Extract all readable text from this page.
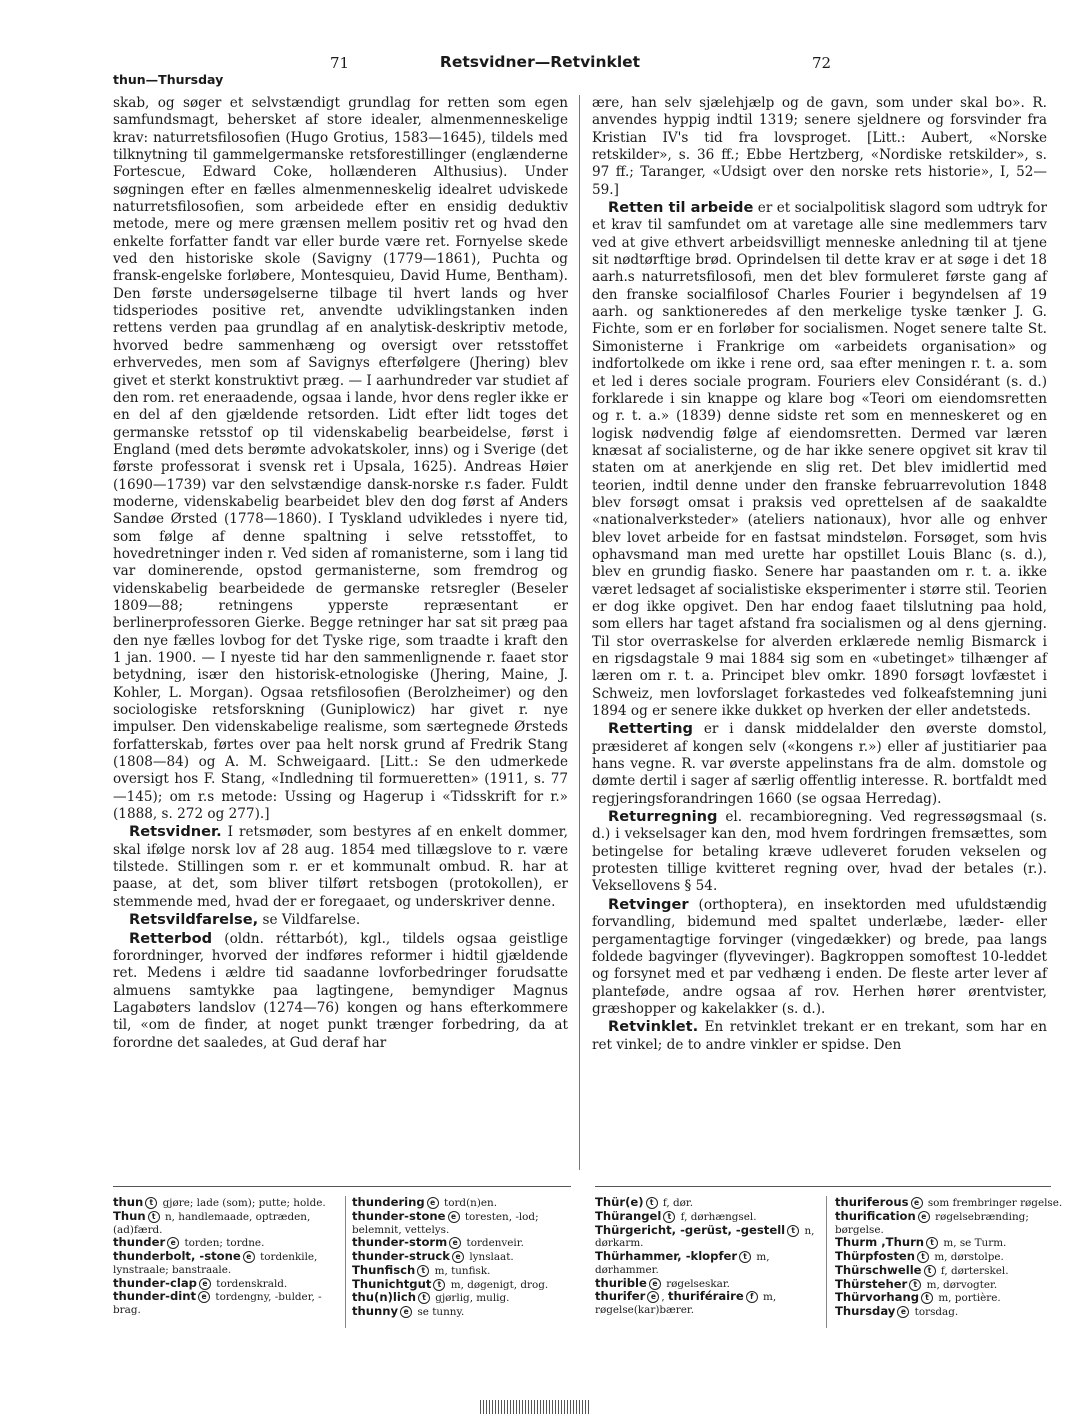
71	Retsvidner—Retvinklet	72
thun—Thursday

skab, og søger et selvstændigt grundlag for retten som egen samfundsmagt, behersket af store idealer, almenmenneskelige krav: naturretsfilosofien (Hugo Grotius, 1583—1645), tildels med tilknytning til gammelgermanske retsforestillinger (englænderne Fortescue, Edward Coke, hollænderen Althusius). Under søgningen efter en fælles almenmenneskelig idealret udviskede naturretsfilosofien, som arbeidede efter en ensidig deduktiv metode, mere og mere grænsen mellem positiv ret og hvad den enkelte forfatter fandt var eller burde være ret. Fornyelse skede ved den historiske skole (Savigny (1779—1861), Puchta og fransk-engelske forløbere, Montesquieu, David Hume, Bentham). Den første undersøgelserne tilbage til hvert lands og hver tidsperiodes positive ret, anvendte udviklingstanken inden rettens verden paa grundlag af en analytisk-deskriptiv metode, hvorved bedre sammenhæng og oversigt over retsstoffet erhvervedes, men som af Savignys efterfølgere (Jhering) blev givet et sterkt konstruktivt præg. — I aarhundreder var studiet af den rom. ret eneraadende, ogsaa i lande, hvor dens regler ikke er en del af den gjældende retsorden. Lidt efter lidt toges det germanske retsstof op til videnskabelig bearbeidelse, først i England (med dets berømte advokatskoler, inns) og i Sverige (det første professorat i svensk ret i Upsala, 1625). Andreas Høier (1690—1739) var den selvstændige dansk-norske r.s fader. Fuldt moderne, videnskabelig bearbeidet blev den dog først af Anders Sandøe Ørsted (1778—1860). I Tyskland udvikledes i nyere tid, som følge af denne spaltning i selve retsstoffet, to hovedretninger inden r. Ved siden af romanisterne, som i lang tid var dominerende, opstod germanisterne, som fremdrog og videnskabelig bearbeidede de germanske retsregler (Beseler 1809—88; retningens ypperste repræsentant er berlinerprofessoren Gierke. Begge retninger har sat sit præg paa den nye fælles lovbog for det Tyske rige, som traadte i kraft den 1 jan. 1900. — I nyeste tid har den sammenlignende r. faaet stor betydning, især den historisk-etnologiske (Jhering, Maine, J. Kohler, L. Morgan). Ogsaa retsfilosofien (Berolzheimer) og den sociologiske retsforskning (Guniplowicz) har givet r. nye impulser. Den videnskabelige realisme, som særtegnede Ørsteds forfatterskab, førtes over paa helt norsk grund af Fredrik Stang (1808—84) og A. M. Schweigaard. [Litt.: Se den udmerkede oversigt hos F. Stang, «Indledning til formueretten» (1911, s. 77—145); om r.s metode: Ussing og Hagerup i «Tidsskrift for r.» (1888, s. 272 og 277).]

Retsvidner. I retsmøder, som bestyres af en enkelt dommer, skal ifølge norsk lov af 28 aug. 1854 med tillægslove to r. være tilstede. Stillingen som r. er et kommunalt ombud. R. har at paase, at det, som bliver tilført retsbogen (protokollen), er stemmende med, hvad der er foregaaet, og underskriver denne.

Retsvildfarelse, se Vildfarelse.

Retterbod (oldn. réttarbót), kgl., tildels ogsaa geistlige forordninger, hvorved der indføres reformer i hidtil gjældende ret. Medens i ældre tid saadanne lovforbedringer forudsatte almuens samtykke paa lagtingene, bemyndiger Magnus Lagabøters landslov (1274—76) kongen og hans efterkommere til, «om de finder, at noget punkt trænger forbedring, da at forordne det saaledes, at Gud deraf har

ære, han selv sjælehjælp og de gavn, som under skal bo». R. anvendes hyppig indtil 1319; senere sjeldnere og forsvinder fra Kristian IV's tid fra lovsproget. [Litt.: Aubert, «Norske retskilder», s. 36 ff.; Ebbe Hertzberg, «Nordiske retskilder», s. 97 ff.; Taranger, «Udsigt over den norske rets historie», I, 52—59.]

Retten til arbeide er et socialpolitisk slagord som udtryk for et krav til samfundet om at varetage alle sine medlemmers tarv ved at give ethvert arbeidsvilligt menneske anledning til at tjene sit nødtørftige brød. Oprindelsen til dette krav er at søge i det 18 aarh.s naturretsfilosofi, men det blev formuleret første gang af den franske socialfilosof Charles Fourier i begyndelsen af 19 aarh. og sanktioneredes af den merkelige tyske tænker J. G. Fichte, som er en forløber for socialismen. Noget senere talte St. Simonisterne i Frankrige om «arbeidets organisation» og indfortolkede om ikke i rene ord, saa efter meningen r. t. a. som et led i deres sociale program. Fouriers elev Considérant (s. d.) forklarede i sin knappe og klare bog «Teori om eiendomsretten og r. t. a.» (1839) denne sidste ret som en menneskeret og en logisk nødvendig følge af eiendomsretten. Dermed var læren knæsat af socialisterne, og de har ikke senere opgivet sit krav til staten om at anerkjende en slig ret. Det blev imidlertid med teorien, indtil denne under den franske februarrevolution 1848 blev forsøgt omsat i praksis ved oprettelsen af de saakaldte «nationalverksteder» (ateliers nationaux), hvor alle og enhver blev lovet arbeide for en fastsat mindsteløn. Forsøget, som hvis ophavsmand man med urette har opstillet Louis Blanc (s. d.), blev en grundig fiasko. Senere har paastanden om r. t. a. ikke været ledsaget af socialistiske eksperimenter i større stil. Teorien er dog ikke opgivet. Den har endog faaet tilslutning paa hold, som ellers har taget afstand fra socialismen og al dens gjerning. Til stor overraskelse for alverden erklærede nemlig Bismarck i en rigsdagstale 9 mai 1884 sig som en «ubetinget» tilhænger af læren om r. t. a. Principet blev omkr. 1890 forsøgt lovfæstet i Schweiz, men lovforslaget forkastedes ved folkeafstemning juni 1894 og er senere ikke dukket op hverken der eller andetsteds.

Retterting er i dansk middelalder den øverste domstol, præsideret af kongen selv («kongens r.») eller af justitiarier paa hans vegne. R. var øverste appelinstans fra de alm. domstole og dømte dertil i sager af særlig offentlig interesse. R. bortfaldt med regjeringsforandringen 1660 (se ogsaa Herredag).

Returregning el. recambioregning. Ved regressøgsmaal (s. d.) i vekselsager kan den, mod hvem fordringen fremsættes, som betingelse for betaling kræve udleveret foruden vekselen og protesten tillige kvitteret regning over, hvad der betales (r.). Veksellovens § 54.

Retvinger (orthoptera), en insektorden med ufuldstændig forvandling, bidemund med spaltet underlæbe, læder- eller pergamentagtige forvinger (vingedækker) og brede, paa langs foldede bagvinger (flyvevinger). Bagkroppen somoftest 10-leddet og forsynet med et par vedhæng i enden. De fleste arter lever af planteføde, andre ogsaa af rov. Herhen hører ørentvister, græshopper og kakelakker (s. d.).

Retvinklet. En retvinklet trekant er en trekant, som har en ret vinkel; de to andre vinkler er spidse. Den

thun t gjøre; lade (som); putte; holde.
Thun t n, handlemaade, optræden, (ad)færd.
thunder e torden; tordne.
thunderbolt, -stone e tordenkile, lynstraale; banstraale.
thunder-clap e tordenskrald.
thunder-dint e tordengny, -bulder, -brag.
thundering e tord(n)en.
thunder-stone e toresten, -lod; belemnit, vettelys.
thunder-storm e tordenveir.
thunder-struck e lynslaat.
Thunfisch t m, tunfisk.
Thunichtgut t m, døgenigt, drog.
thu(n)lich t gjørlig, mulig.
thunny e se tunny.
Thür(e) t f, dør.
Thürangel t f, dørhængsel.
Thürgericht, -gerüst, -gestell t n, dørkarm.
Thürhammer, -klopfer t m, dørhammer.
thurible e røgelseskar.
thurifer e , thuriféraire f m, røgelse(kar)bærer.
thuriferous e som frembringer røgelse.
thurification e røgelsebrænding; børgelse.
Thurm ,Thurn t m, se Turm.
Thürpfosten t m, dørstolpe.
Thürschwelle t f, dørterskel.
Thürsteher t m, dørvogter.
Thürvorhang t m, portière.
Thursday e torsdag.
